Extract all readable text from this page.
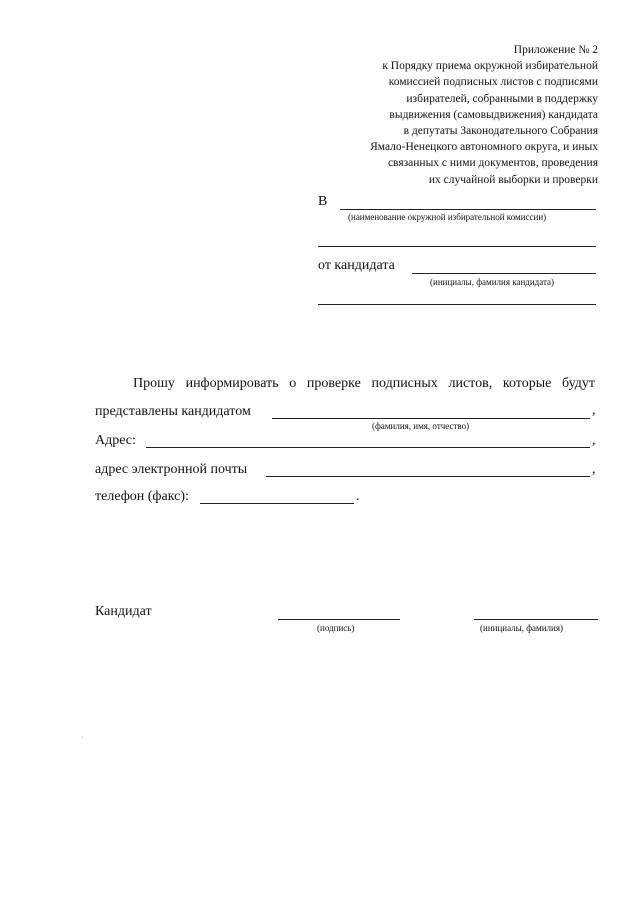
Приложение № 2
к Порядку приема окружной избирательной
комиссией подписных листов с подписями
избирателей, собранными в поддержку
выдвижения (самовыдвижения) кандидата
в депутаты Законодательного Собрания
Ямало-Ненецкого автономного округа, и иных
связанных с ними документов, проведения
их случайной выборки и проверки
В
(наименование окружной избирательной комиссии)
от кандидата
(инициалы, фамилия кандидата)
Прошу информировать о проверке подписных листов, которые будут
представлены кандидатом	,
(фамилия, имя, отчество)
Адрес:	,
адрес электронной почты	,
телефон (факс):	.
Кандидат
(подпись)	(инициалы, фамилия)
